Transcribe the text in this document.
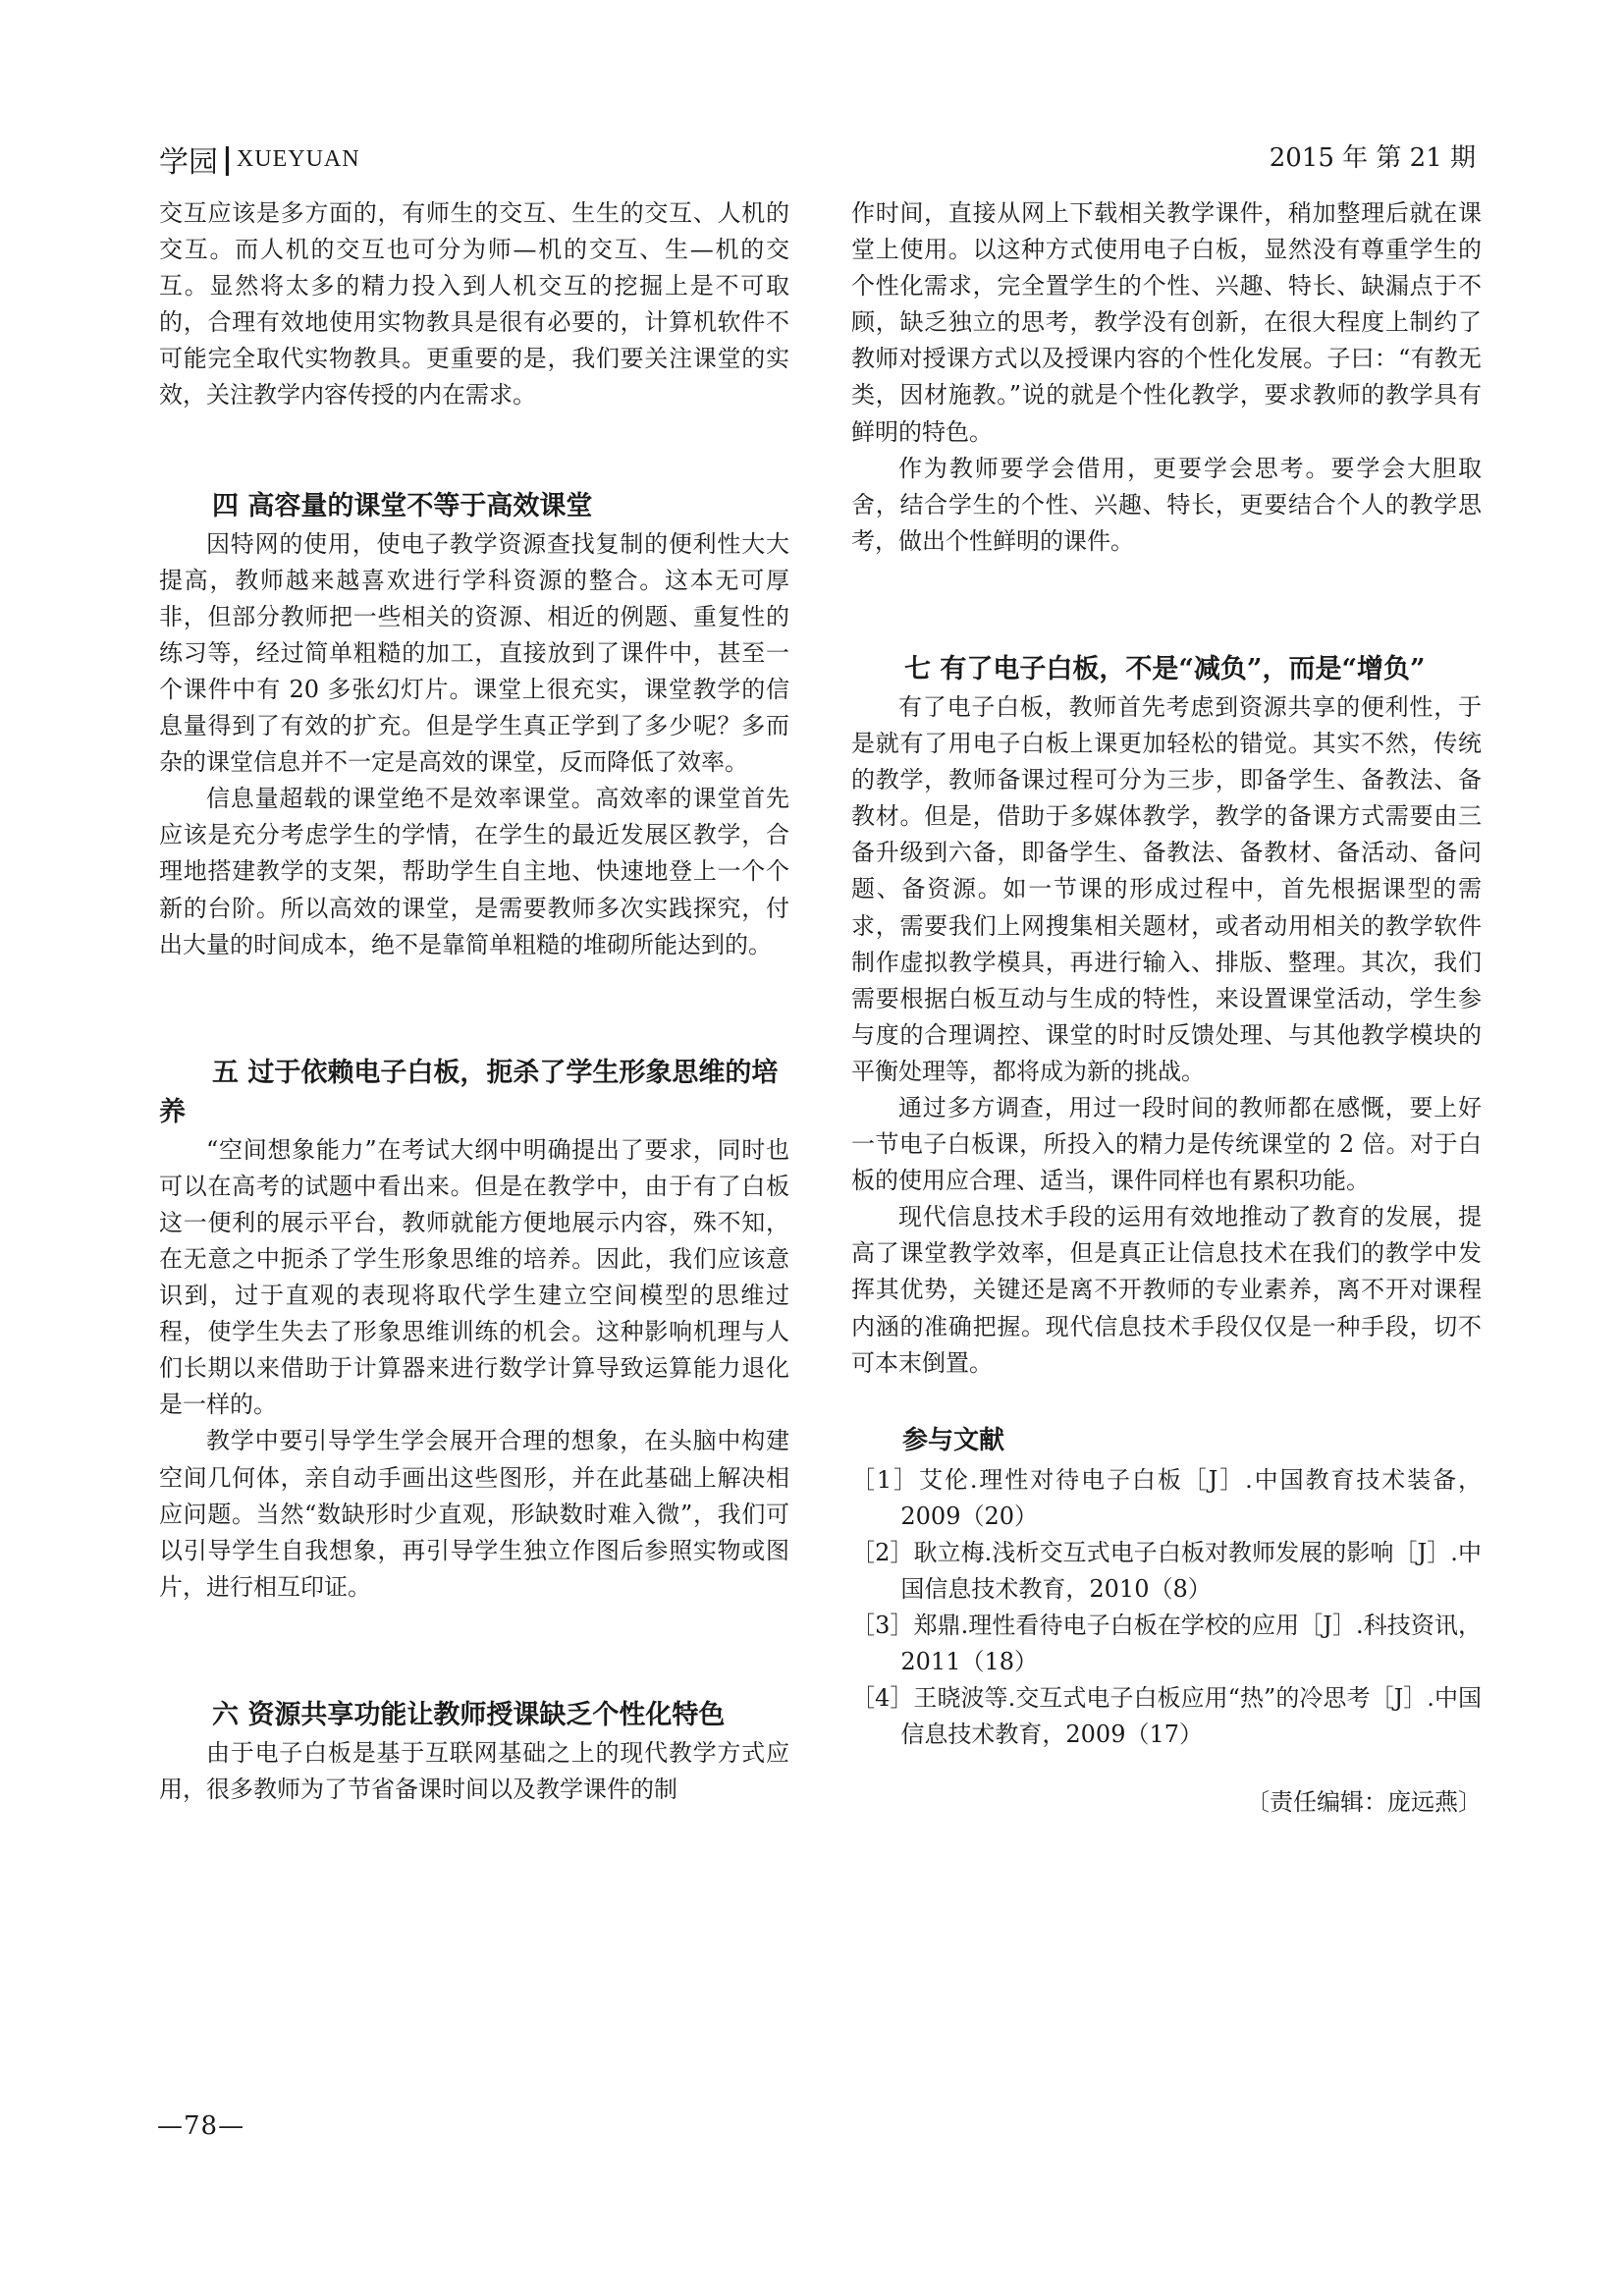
学园 | XUEYUAN	2015 年 第 21 期

交互应该是多方面的，有师生的交互、生生的交互、人机的交互。而人机的交互也可分为师—机的交互、生—机的交互。显然将太多的精力投入到人机交互的挖掘上是不可取的，合理有效地使用实物教具是很有必要的，计算机软件不可能完全取代实物教具。更重要的是，我们要关注课堂的实效，关注教学内容传授的内在需求。

四 高容量的课堂不等于高效课堂

因特网的使用，使电子教学资源查找复制的便利性大大提高，教师越来越喜欢进行学科资源的整合。这本无可厚非，但部分教师把一些相关的资源、相近的例题、重复性的练习等，经过简单粗糙的加工，直接放到了课件中，甚至一个课件中有 20 多张幻灯片。课堂上很充实，课堂教学的信息量得到了有效的扩充。但是学生真正学到了多少呢？多而杂的课堂信息并不一定是高效的课堂，反而降低了效率。

信息量超载的课堂绝不是效率课堂。高效率的课堂首先应该是充分考虑学生的学情，在学生的最近发展区教学，合理地搭建教学的支架，帮助学生自主地、快速地登上一个个新的台阶。所以高效的课堂，是需要教师多次实践探究，付出大量的时间成本，绝不是靠简单粗糙的堆砌所能达到的。

五 过于依赖电子白板，扼杀了学生形象思维的培养

“空间想象能力”在考试大纲中明确提出了要求，同时也可以在高考的试题中看出来。但是在教学中，由于有了白板这一便利的展示平台，教师就能方便地展示内容，殊不知，在无意之中扼杀了学生形象思维的培养。因此，我们应该意识到，过于直观的表现将取代学生建立空间模型的思维过程，使学生失去了形象思维训练的机会。这种影响机理与人们长期以来借助于计算器来进行数学计算导致运算能力退化是一样的。

教学中要引导学生学会展开合理的想象，在头脑中构建空间几何体，亲自动手画出这些图形，并在此基础上解决相应问题。当然“数缺形时少直观，形缺数时难入微”，我们可以引导学生自我想象，再引导学生独立作图后参照实物或图片，进行相互印证。

六 资源共享功能让教师授课缺乏个性化特色

由于电子白板是基于互联网基础之上的现代教学方式应用，很多教师为了节省备课时间以及教学课件的制

作时间，直接从网上下载相关教学课件，稍加整理后就在课堂上使用。以这种方式使用电子白板，显然没有尊重学生的个性化需求，完全置学生的个性、兴趣、特长、缺漏点于不顾，缺乏独立的思考，教学没有创新，在很大程度上制约了教师对授课方式以及授课内容的个性化发展。子曰：“有教无类，因材施教。”说的就是个性化教学，要求教师的教学具有鲜明的特色。

作为教师要学会借用，更要学会思考。要学会大胆取舍，结合学生的个性、兴趣、特长，更要结合个人的教学思考，做出个性鲜明的课件。

七 有了电子白板，不是“减负”，而是“增负”

有了电子白板，教师首先考虑到资源共享的便利性，于是就有了用电子白板上课更加轻松的错觉。其实不然，传统的教学，教师备课过程可分为三步，即备学生、备教法、备教材。但是，借助于多媒体教学，教学的备课方式需要由三备升级到六备，即备学生、备教法、备教材、备活动、备问题、备资源。如一节课的形成过程中，首先根据课型的需求，需要我们上网搜集相关题材，或者动用相关的教学软件制作虚拟教学模具，再进行输入、排版、整理。其次，我们需要根据白板互动与生成的特性，来设置课堂活动，学生参与度的合理调控、课堂的时时反馈处理、与其他教学模块的平衡处理等，都将成为新的挑战。

通过多方调查，用过一段时间的教师都在感慨，要上好一节电子白板课，所投入的精力是传统课堂的 2 倍。对于白板的使用应合理、适当，课件同样也有累积功能。

现代信息技术手段的运用有效地推动了教育的发展，提高了课堂教学效率，但是真正让信息技术在我们的教学中发挥其优势，关键还是离不开教师的专业素养，离不开对课程内涵的准确把握。现代信息技术手段仅仅是一种手段，切不可本末倒置。

参与文献

［1］艾伦.理性对待电子白板［J］.中国教育技术装备，2009（20）

［2］耿立梅.浅析交互式电子白板对教师发展的影响［J］.中国信息技术教育，2010（8）

［3］郑鼎.理性看待电子白板在学校的应用［J］.科技资讯，2011（18）

［4］王晓波等.交互式电子白板应用“热”的冷思考［J］.中国信息技术教育，2009（17）

〔责任编辑：庞远燕〕
—78—
